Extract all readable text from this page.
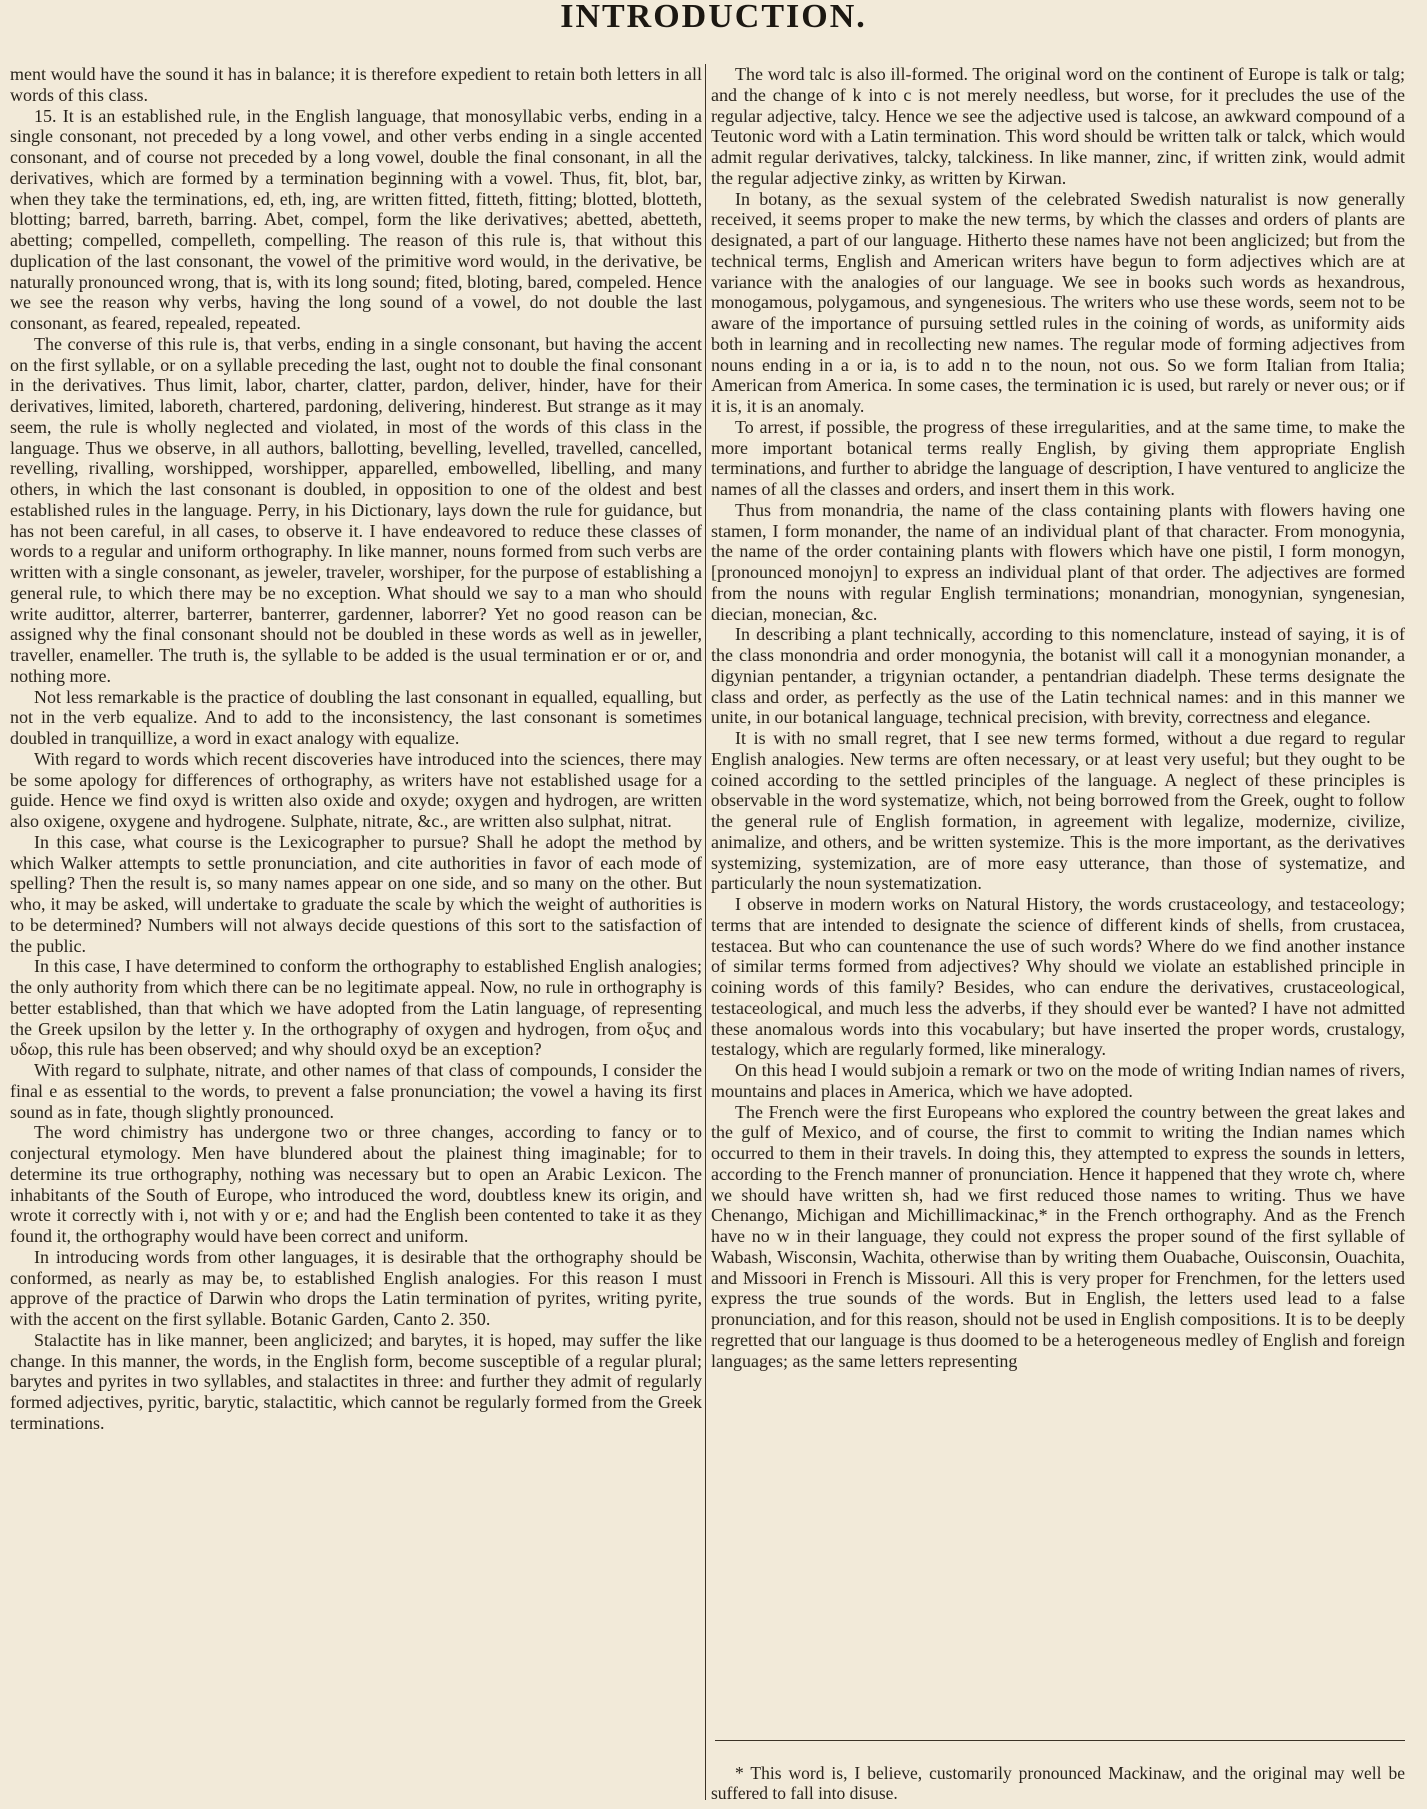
INTRODUCTION.

ment would have the sound it has in balance; it is therefore expedient to retain both letters in all words of this class.

15. It is an established rule, in the English language, that monosyllabic verbs, ending in a single consonant, not preceded by a long vowel, and other verbs ending in a single accented consonant, and of course not preceded by a long vowel, double the final consonant, in all the derivatives, which are formed by a termination beginning with a vowel. Thus, fit, blot, bar, when they take the terminations, ed, eth, ing, are written fitted, fitteth, fitting; blotted, blotteth, blotting; barred, barreth, barring. Abet, compel, form the like derivatives; abetted, abetteth, abetting; compelled, compelleth, compelling. The reason of this rule is, that without this duplication of the last consonant, the vowel of the primitive word would, in the derivative, be naturally pronounced wrong, that is, with its long sound; fited, bloting, bared, compeled. Hence we see the reason why verbs, having the long sound of a vowel, do not double the last consonant, as feared, repealed, repeated.

The converse of this rule is, that verbs, ending in a single consonant, but having the accent on the first syllable, or on a syllable preceding the last, ought not to double the final consonant in the derivatives. Thus limit, labor, charter, clatter, pardon, deliver, hinder, have for their derivatives, limited, laboreth, chartered, pardoning, delivering, hinderest. But strange as it may seem, the rule is wholly neglected and violated, in most of the words of this class in the language. Thus we observe, in all authors, ballotting, bevelling, levelled, travelled, cancelled, revelling, rivalling, worshipped, worshipper, apparelled, embowelled, libelling, and many others, in which the last consonant is doubled, in opposition to one of the oldest and best established rules in the language. Perry, in his Dictionary, lays down the rule for guidance, but has not been careful, in all cases, to observe it. I have endeavored to reduce these classes of words to a regular and uniform orthography. In like manner, nouns formed from such verbs are written with a single consonant, as jeweler, traveler, worshiper, for the purpose of establishing a general rule, to which there may be no exception. What should we say to a man who should write audittor, alterrer, barterrer, banterrer, gardenner, laborrer? Yet no good reason can be assigned why the final consonant should not be doubled in these words as well as in jeweller, traveller, enameller. The truth is, the syllable to be added is the usual termination er or or, and nothing more.

Not less remarkable is the practice of doubling the last consonant in equalled, equalling, but not in the verb equalize. And to add to the inconsistency, the last consonant is sometimes doubled in tranquillize, a word in exact analogy with equalize.

With regard to words which recent discoveries have introduced into the sciences, there may be some apology for differences of orthography, as writers have not established usage for a guide. Hence we find oxyd is written also oxide and oxyde; oxygen and hydrogen, are written also oxigene, oxygene and hydrogene. Sulphate, nitrate, &c., are written also sulphat, nitrat.

In this case, what course is the Lexicographer to pursue? Shall he adopt the method by which Walker attempts to settle pronunciation, and cite authorities in favor of each mode of spelling? Then the result is, so many names appear on one side, and so many on the other. But who, it may be asked, will undertake to graduate the scale by which the weight of authorities is to be determined? Numbers will not always decide questions of this sort to the satisfaction of the public.

In this case, I have determined to conform the orthography to established English analogies; the only authority from which there can be no legitimate appeal. Now, no rule in orthography is better established, than that which we have adopted from the Latin language, of representing the Greek upsilon by the letter y. In the orthography of oxygen and hydrogen, from οξυς and υδωρ, this rule has been observed; and why should oxyd be an exception?

With regard to sulphate, nitrate, and other names of that class of compounds, I consider the final e as essential to the words, to prevent a false pronunciation; the vowel a having its first sound as in fate, though slightly pronounced.

The word chimistry has undergone two or three changes, according to fancy or to conjectural etymology. Men have blundered about the plainest thing imaginable; for to determine its true orthography, nothing was necessary but to open an Arabic Lexicon. The inhabitants of the South of Europe, who introduced the word, doubtless knew its origin, and wrote it correctly with i, not with y or e; and had the English been contented to take it as they found it, the orthography would have been correct and uniform.

In introducing words from other languages, it is desirable that the orthography should be conformed, as nearly as may be, to established English analogies. For this reason I must approve of the practice of Darwin who drops the Latin termination of pyrites, writing pyrite, with the accent on the first syllable. Botanic Garden, Canto 2. 350.

Stalactite has in like manner, been anglicized; and barytes, it is hoped, may suffer the like change. In this manner, the words, in the English form, become susceptible of a regular plural; barytes and pyrites in two syllables, and stalactites in three: and further they admit of regularly formed adjectives, pyritic, barytic, stalactitic, which cannot be regularly formed from the Greek terminations.

The word talc is also ill-formed. The original word on the continent of Europe is talk or talg; and the change of k into c is not merely needless, but worse, for it precludes the use of the regular adjective, talcy. Hence we see the adjective used is talcose, an awkward compound of a Teutonic word with a Latin termination. This word should be written talk or talck, which would admit regular derivatives, talcky, talckiness. In like manner, zinc, if written zink, would admit the regular adjective zinky, as written by Kirwan.

In botany, as the sexual system of the celebrated Swedish naturalist is now generally received, it seems proper to make the new terms, by which the classes and orders of plants are designated, a part of our language. Hitherto these names have not been anglicized; but from the technical terms, English and American writers have begun to form adjectives which are at variance with the analogies of our language. We see in books such words as hexandrous, monogamous, polygamous, and syngenesious. The writers who use these words, seem not to be aware of the importance of pursuing settled rules in the coining of words, as uniformity aids both in learning and in recollecting new names. The regular mode of forming adjectives from nouns ending in a or ia, is to add n to the noun, not ous. So we form Italian from Italia; American from America. In some cases, the termination ic is used, but rarely or never ous; or if it is, it is an anomaly.

To arrest, if possible, the progress of these irregularities, and at the same time, to make the more important botanical terms really English, by giving them appropriate English terminations, and further to abridge the language of description, I have ventured to anglicize the names of all the classes and orders, and insert them in this work.

Thus from monandria, the name of the class containing plants with flowers having one stamen, I form monander, the name of an individual plant of that character. From monogynia, the name of the order containing plants with flowers which have one pistil, I form monogyn, [pronounced monojyn] to express an individual plant of that order. The adjectives are formed from the nouns with regular English terminations; monandrian, monogynian, syngenesian, diecian, monecian, &c.

In describing a plant technically, according to this nomenclature, instead of saying, it is of the class monondria and order monogynia, the botanist will call it a monogynian monander, a digynian pentander, a trigynian octander, a pentandrian diadelph. These terms designate the class and order, as perfectly as the use of the Latin technical names: and in this manner we unite, in our botanical language, technical precision, with brevity, correctness and elegance.

It is with no small regret, that I see new terms formed, without a due regard to regular English analogies. New terms are often necessary, or at least very useful; but they ought to be coined according to the settled principles of the language. A neglect of these principles is observable in the word systematize, which, not being borrowed from the Greek, ought to follow the general rule of English formation, in agreement with legalize, modernize, civilize, animalize, and others, and be written systemize. This is the more important, as the derivatives systemizing, systemization, are of more easy utterance, than those of systematize, and particularly the noun systematization.

I observe in modern works on Natural History, the words crustaceology, and testaceology; terms that are intended to designate the science of different kinds of shells, from crustacea, testacea. But who can countenance the use of such words? Where do we find another instance of similar terms formed from adjectives? Why should we violate an established principle in coining words of this family? Besides, who can endure the derivatives, crustaceological, testaceological, and much less the adverbs, if they should ever be wanted? I have not admitted these anomalous words into this vocabulary; but have inserted the proper words, crustalogy, testalogy, which are regularly formed, like mineralogy.

On this head I would subjoin a remark or two on the mode of writing Indian names of rivers, mountains and places in America, which we have adopted.

The French were the first Europeans who explored the country between the great lakes and the gulf of Mexico, and of course, the first to commit to writing the Indian names which occurred to them in their travels. In doing this, they attempted to express the sounds in letters, according to the French manner of pronunciation. Hence it happened that they wrote ch, where we should have written sh, had we first reduced those names to writing. Thus we have Chenango, Michigan and Michillimackinac,* in the French orthography. And as the French have no w in their language, they could not express the proper sound of the first syllable of Wabash, Wisconsin, Wachita, otherwise than by writing them Ouabache, Ouisconsin, Ouachita, and Missoori in French is Missouri. All this is very proper for Frenchmen, for the letters used express the true sounds of the words. But in English, the letters used lead to a false pronunciation, and for this reason, should not be used in English compositions. It is to be deeply regretted that our language is thus doomed to be a heterogeneous medley of English and foreign languages; as the same letters representing

* This word is, I believe, customarily pronounced Mackinaw, and the original may well be suffered to fall into disuse.
